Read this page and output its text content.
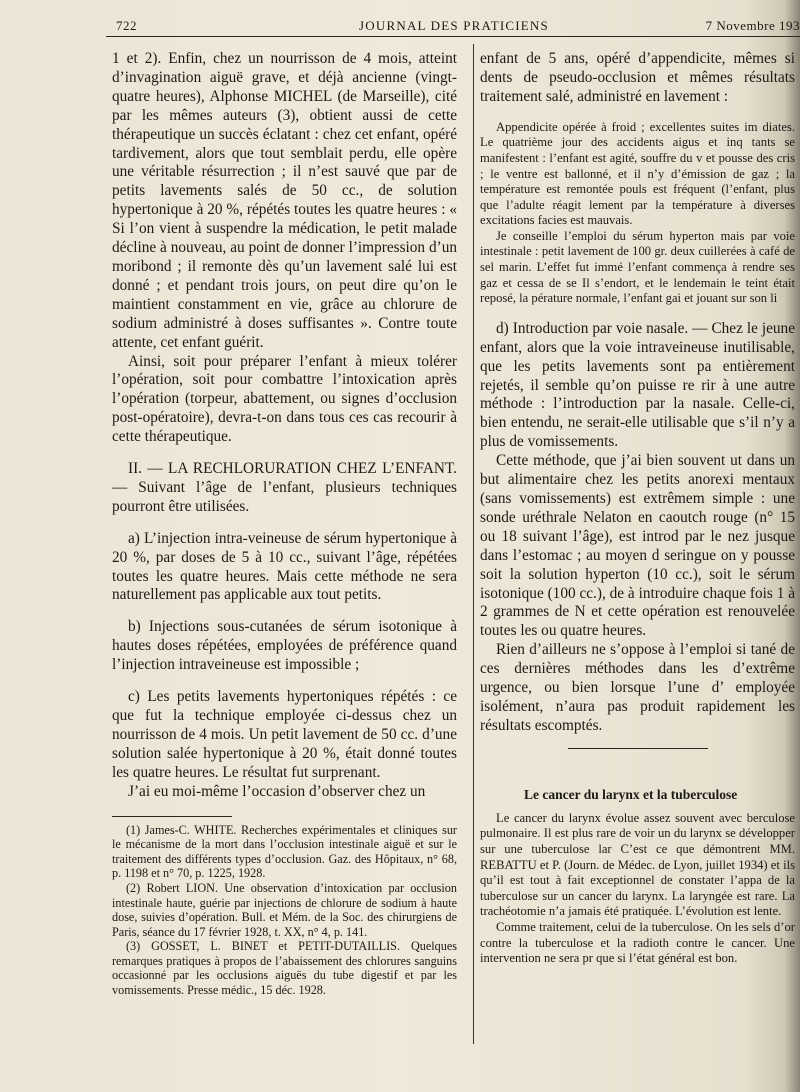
722	JOURNAL DES PRATICIENS	7 Novembre 193

1 et 2). Enfin, chez un nourrisson de 4 mois, atteint d’invagination aiguë grave, et déjà ancienne (vingt-quatre heures), Alphonse MICHEL (de Marseille), cité par les mêmes auteurs (3), obtient aussi de cette thérapeutique un succès éclatant : chez cet enfant, opéré tardivement, alors que tout semblait perdu, elle opère une véritable résurrection ; il n’est sauvé que par de petits lavements salés de 50 cc., de solution hypertonique à 20 %, répétés toutes les quatre heures : « Si l’on vient à suspendre la médication, le petit malade décline à nouveau, au point de donner l’impression d’un moribond ; il remonte dès qu’un lavement salé lui est donné ; et pendant trois jours, on peut dire qu’on le maintient constamment en vie, grâce au chlorure de sodium administré à doses suffisantes ». Contre toute attente, cet enfant guérit.

Ainsi, soit pour préparer l’enfant à mieux tolérer l’opération, soit pour combattre l’intoxication après l’opération (torpeur, abattement, ou signes d’occlusion post-opératoire), devra-t-on dans tous ces cas recourir à cette thérapeutique.

II. — LA RECHLORURATION CHEZ L’ENFANT. — Suivant l’âge de l’enfant, plusieurs techniques pourront être utilisées.

a) L’injection intra-veineuse de sérum hypertonique à 20 %, par doses de 5 à 10 cc., suivant l’âge, répétées toutes les quatre heures. Mais cette méthode ne sera naturellement pas applicable aux tout petits.

b) Injections sous-cutanées de sérum isotonique à hautes doses répétées, employées de préférence quand l’injection intraveineuse est impossible ;

c) Les petits lavements hypertoniques répétés : ce que fut la technique employée ci-dessus chez un nourrisson de 4 mois. Un petit lavement de 50 cc. d’une solution salée hypertonique à 20 %, était donné toutes les quatre heures. Le résultat fut surprenant.

J’ai eu moi-même l’occasion d’observer chez un

(1) James-C. WHITE. Recherches expérimentales et cliniques sur le mécanisme de la mort dans l’occlusion intestinale aiguë et sur le traitement des différents types d’occlusion. Gaz. des Hôpitaux, n° 68, p. 1198 et n° 70, p. 1225, 1928.

(2) Robert LION. Une observation d’intoxication par occlusion intestinale haute, guérie par injections de chlorure de sodium à haute dose, suivies d’opération. Bull. et Mém. de la Soc. des chirurgiens de Paris, séance du 17 février 1928, t. XX, n° 4, p. 141.

(3) GOSSET, L. BINET et PETIT-DUTAILLIS. Quelques remarques pratiques à propos de l’abaissement des chlorures sanguins occasionné par les occlusions aiguës du tube digestif et par les vomissements. Presse médic., 15 déc. 1928.

enfant de 5 ans, opéré d’appendicite, mêmes si dents de pseudo-occlusion et mêmes résultats traitement salé, administré en lavement :

Appendicite opérée à froid ; excellentes suites im diates. Le quatrième jour des accidents aigus et inq tants se manifestent : l’enfant est agité, souffre du v et pousse des cris ; le ventre est ballonné, et il n’y d’émission de gaz ; la température est remontée pouls est fréquent (l’enfant, plus que l’adulte réagit lement par la température à diverses excitations facies est mauvais.

Je conseille l’emploi du sérum hyperton mais par voie intestinale : petit lavement de 100 gr. deux cuillerées à café de sel marin. L’effet fut immé l’enfant commença à rendre ses gaz et cessa de se Il s’endort, et le lendemain le teint était reposé, la pérature normale, l’enfant gai et jouant sur son li

d) Introduction par voie nasale. — Chez le jeune enfant, alors que la voie intraveineuse inutilisable, que les petits lavements sont pa entièrement rejetés, il semble qu’on puisse re rir à une autre méthode : l’introduction par la nasale. Celle-ci, bien entendu, ne serait-elle utilisable que s’il n’y a plus de vomissements.

Cette méthode, que j’ai bien souvent ut dans un but alimentaire chez les petits anorexi mentaux (sans vomissements) est extrêmem simple : une sonde uréthrale Nelaton en caoutch rouge (n° 15 ou 18 suivant l’âge), est introd par le nez jusque dans l’estomac ; au moyen d seringue on y pousse soit la solution hyperton (10 cc.), soit le sérum isotonique (100 cc.), de à introduire chaque fois 1 à 2 grammes de N et cette opération est renouvelée toutes les ou quatre heures.

Rien d’ailleurs ne s’oppose à l’emploi si tané de ces dernières méthodes dans les d’extrême urgence, ou bien lorsque l’une d’ employée isolément, n’aura pas produit rapidement les résultats escomptés.

Le cancer du larynx et la tuberculose

Le cancer du larynx évolue assez souvent avec berculose pulmonaire. Il est plus rare de voir un du larynx se développer sur une tuberculose lar C’est ce que démontrent MM. REBATTU et P. (Journ. de Médec. de Lyon, juillet 1934) et ils qu’il est tout à fait exceptionnel de constater l’appa de la tuberculose sur un cancer du larynx. La laryngée est rare. La trachéotomie n’a jamais été pratiquée. L’évolution est lente.

Comme traitement, celui de la tuberculose. On les sels d’or contre la tuberculose et la radioth contre le cancer. Une intervention ne sera pr que si l’état général est bon.
